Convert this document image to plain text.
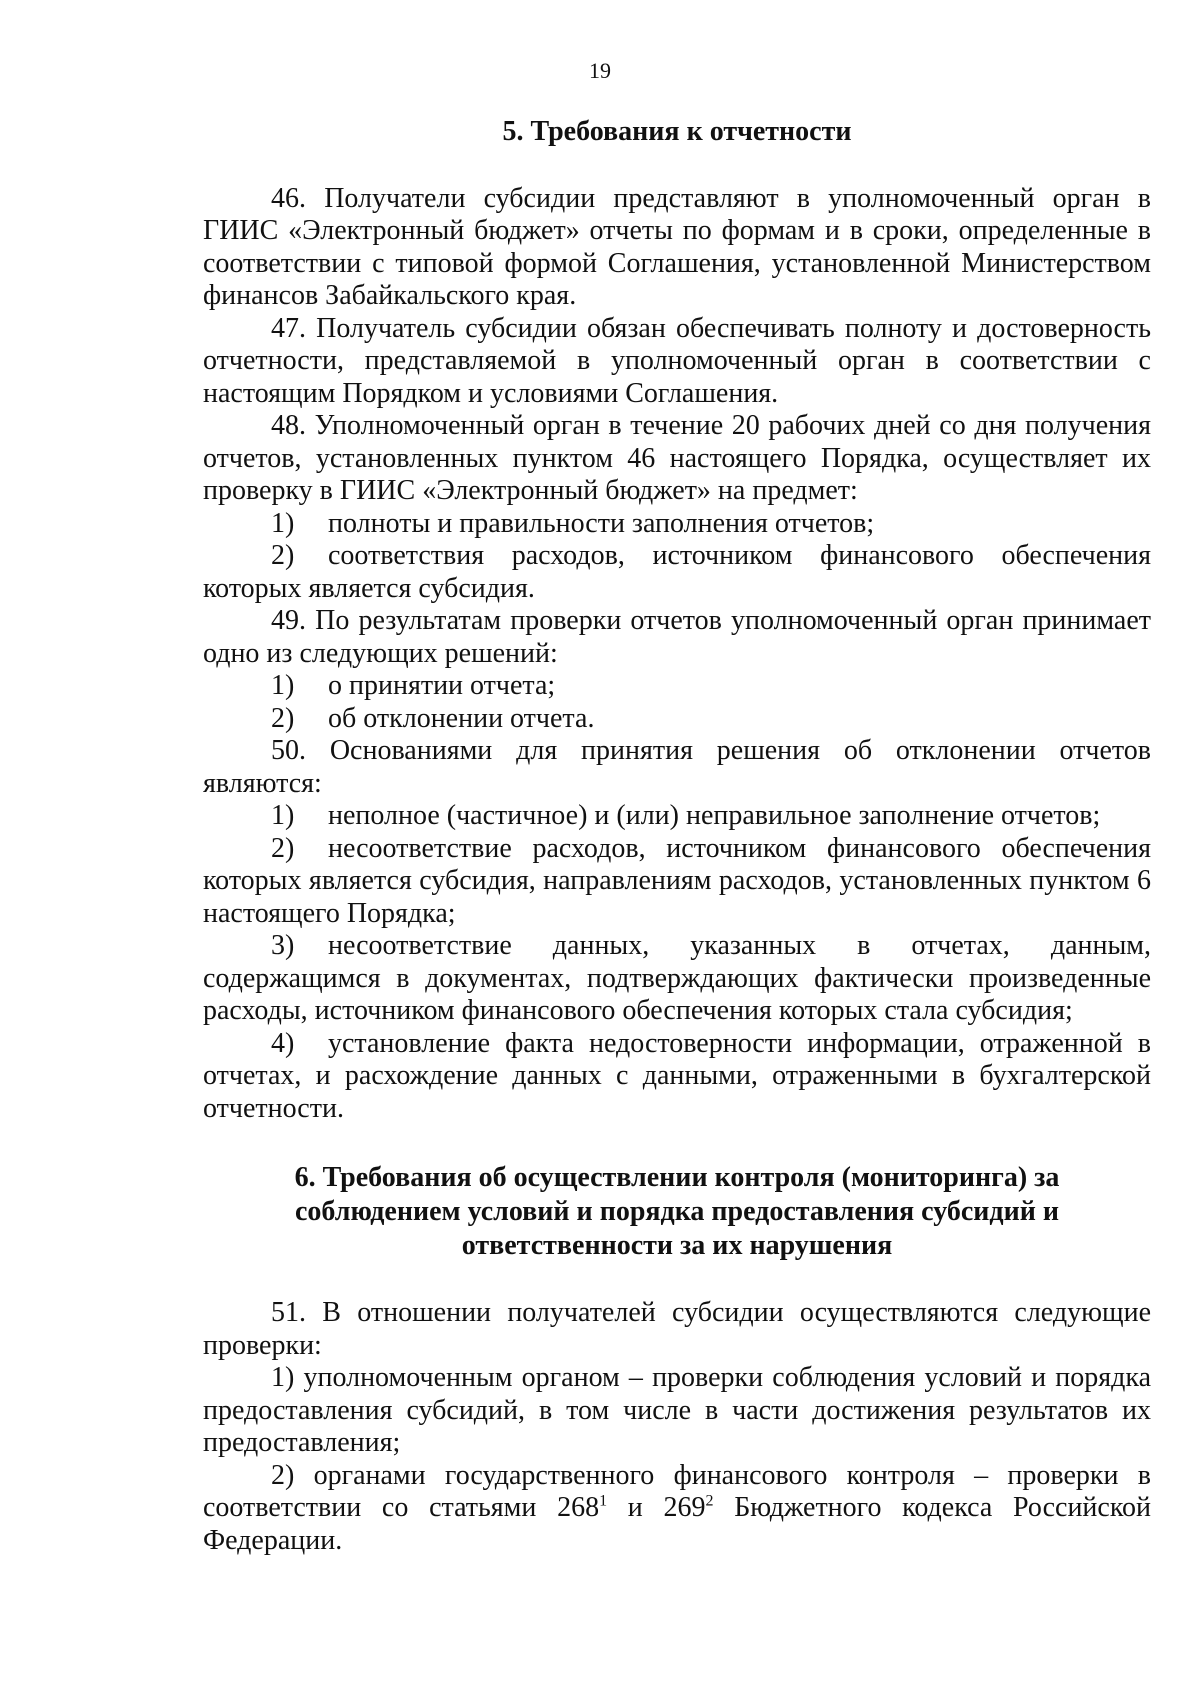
19

5. Требования к отчетности

46. Получатели субсидии представляют в уполномоченный орган в ГИИС «Электронный бюджет» отчеты по формам и в сроки, определенные в соответствии с типовой формой Соглашения, установленной Министерством финансов Забайкальского края.

47. Получатель субсидии обязан обеспечивать полноту и достоверность отчетности, представляемой в уполномоченный орган в соответствии с настоящим Порядком и условиями Соглашения.

48. Уполномоченный орган в течение 20 рабочих дней со дня получения отчетов, установленных пунктом 46 настоящего Порядка, осуществляет их проверку в ГИИС «Электронный бюджет» на предмет:

1) полноты и правильности заполнения отчетов;

2) соответствия расходов, источником финансового обеспечения которых является субсидия.

49. По результатам проверки отчетов уполномоченный орган принимает одно из следующих решений:

1) о принятии отчета;

2) об отклонении отчета.

50. Основаниями для принятия решения об отклонении отчетов являются:

1) неполное (частичное) и (или) неправильное заполнение отчетов;

2) несоответствие расходов, источником финансового обеспечения которых является субсидия, направлениям расходов, установленных пунктом 6 настоящего Порядка;

3) несоответствие данных, указанных в отчетах, данным, содержащимся в документах, подтверждающих фактически произведенные расходы, источником финансового обеспечения которых стала субсидия;

4) установление факта недостоверности информации, отраженной в отчетах, и расхождение данных с данными, отраженными в бухгалтерской отчетности.

6. Требования об осуществлении контроля (мониторинга) за
соблюдением условий и порядка предоставления субсидий и
ответственности за их нарушения

51. В отношении получателей субсидии осуществляются следующие проверки:

1) уполномоченным органом – проверки соблюдения условий и порядка предоставления субсидий, в том числе в части достижения результатов их предоставления;

2) органами государственного финансового контроля – проверки в соответствии со статьями $268^1$ и $269^2$ Бюджетного кодекса Российской Федерации.
